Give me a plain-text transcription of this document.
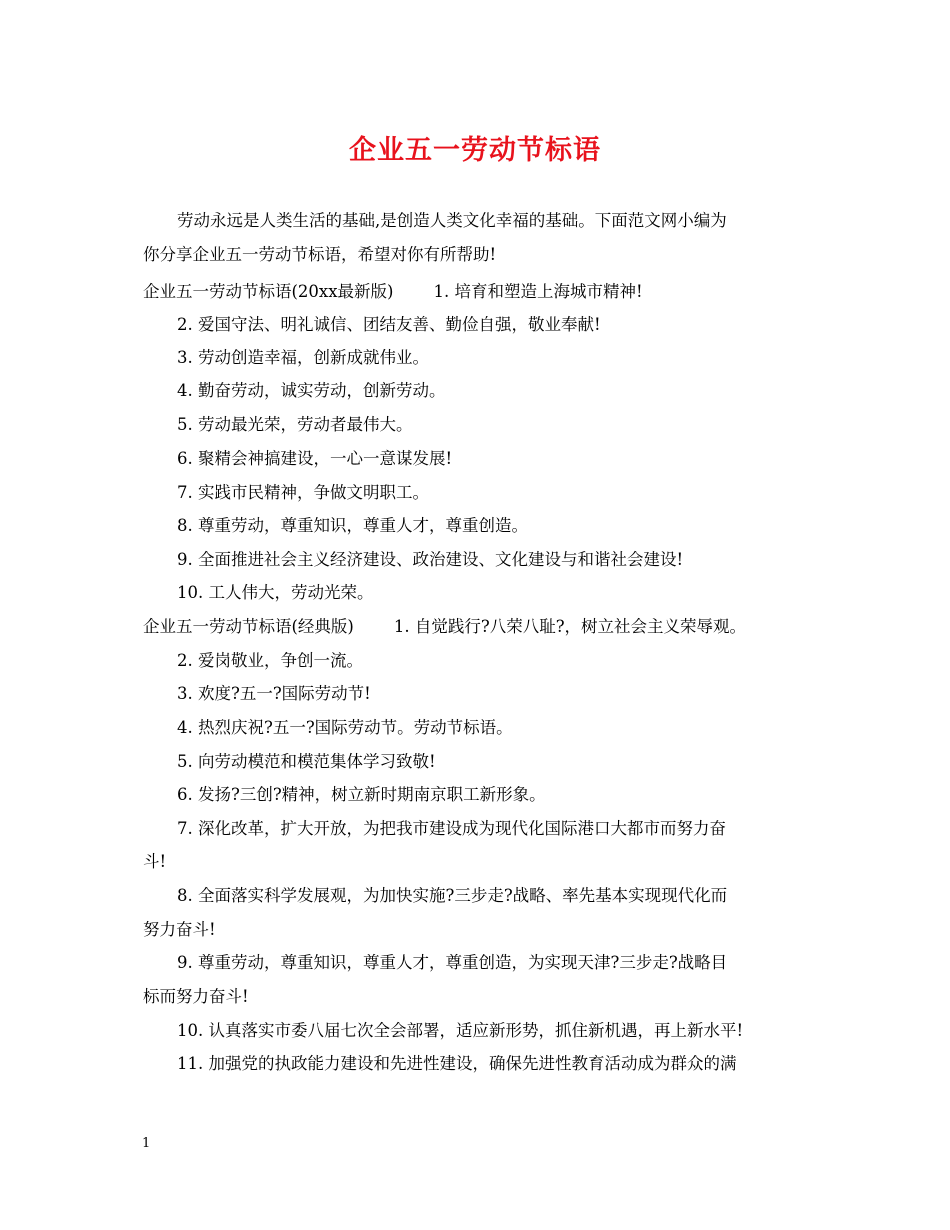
企业五一劳动节标语
劳动永远是人类生活的基础,是创造人类文化幸福的基础。下面范文网小编为
你分享企业五一劳动节标语，希望对你有所帮助!
企业五一劳动节标语(20xx最新版) 1. 培育和塑造上海城市精神!
2. 爱国守法、明礼诚信、团结友善、勤俭自强，敬业奉献!
3. 劳动创造幸福，创新成就伟业。
4. 勤奋劳动，诚实劳动，创新劳动。
5. 劳动最光荣，劳动者最伟大。
6. 聚精会神搞建设，一心一意谋发展!
7. 实践市民精神，争做文明职工。
8. 尊重劳动，尊重知识，尊重人才，尊重创造。
9. 全面推进社会主义经济建设、政治建设、文化建设与和谐社会建设!
10. 工人伟大，劳动光荣。
企业五一劳动节标语(经典版) 1. 自觉践行?八荣八耻?，树立社会主义荣辱观。
2. 爱岗敬业，争创一流。
3. 欢度?五一?国际劳动节!
4. 热烈庆祝?五一?国际劳动节。劳动节标语。
5. 向劳动模范和模范集体学习致敬!
6. 发扬?三创?精神，树立新时期南京职工新形象。
7. 深化改革，扩大开放，为把我市建设成为现代化国际港口大都市而努力奋
斗!
8. 全面落实科学发展观，为加快实施?三步走?战略、率先基本实现现代化而
努力奋斗!
9. 尊重劳动，尊重知识，尊重人才，尊重创造，为实现天津?三步走?战略目
标而努力奋斗!
10. 认真落实市委八届七次全会部署，适应新形势，抓住新机遇，再上新水平!
11. 加强党的执政能力建设和先进性建设，确保先进性教育活动成为群众的满
1
